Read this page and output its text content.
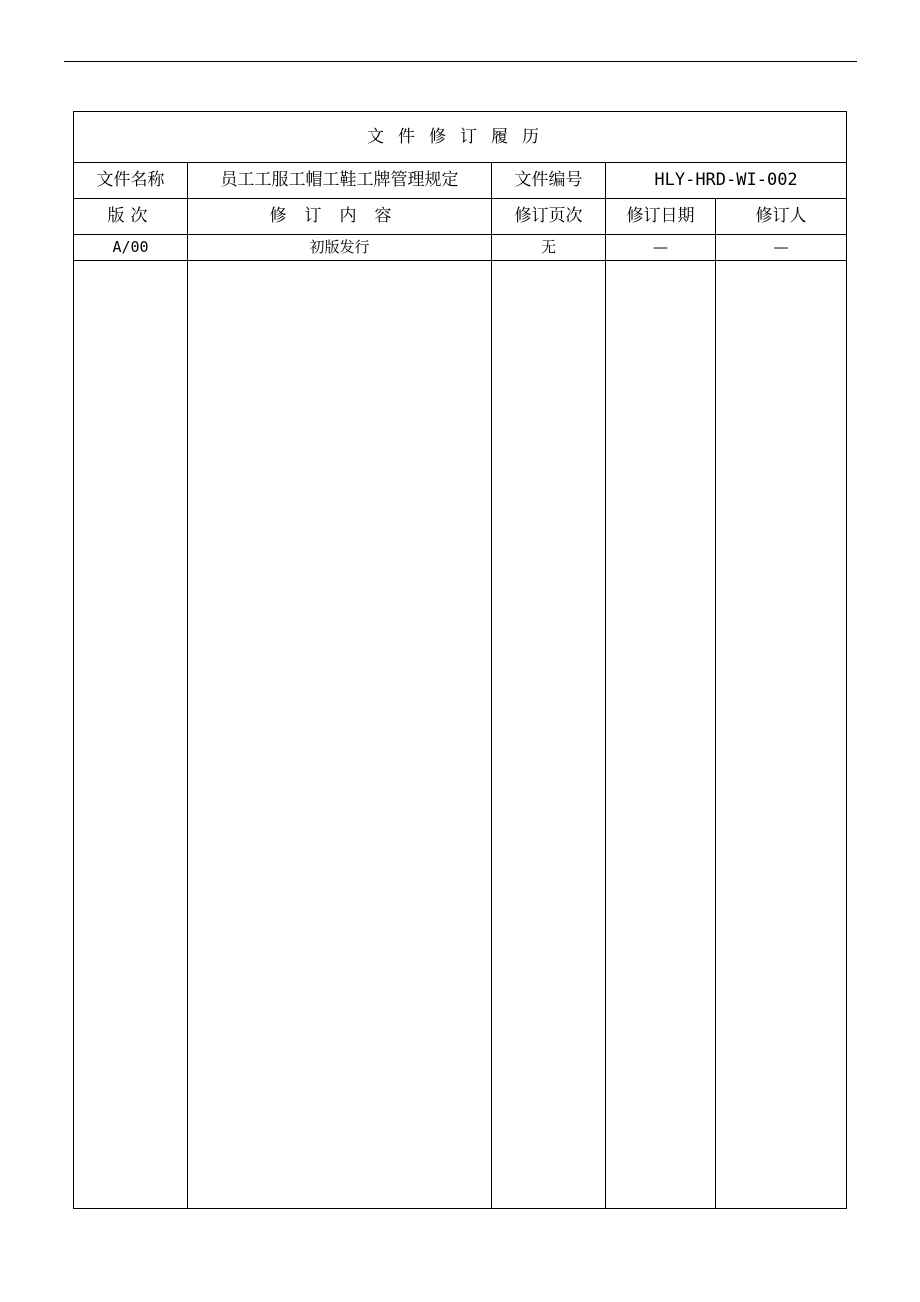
文件修订履历				
文件名称	员工工服工帽工鞋工牌管理规定	文件编号	HLY-HRD-WI-002	
版次	修订内容	修订页次	修订日期	修订人
A/00	初版发行	无	—	—
